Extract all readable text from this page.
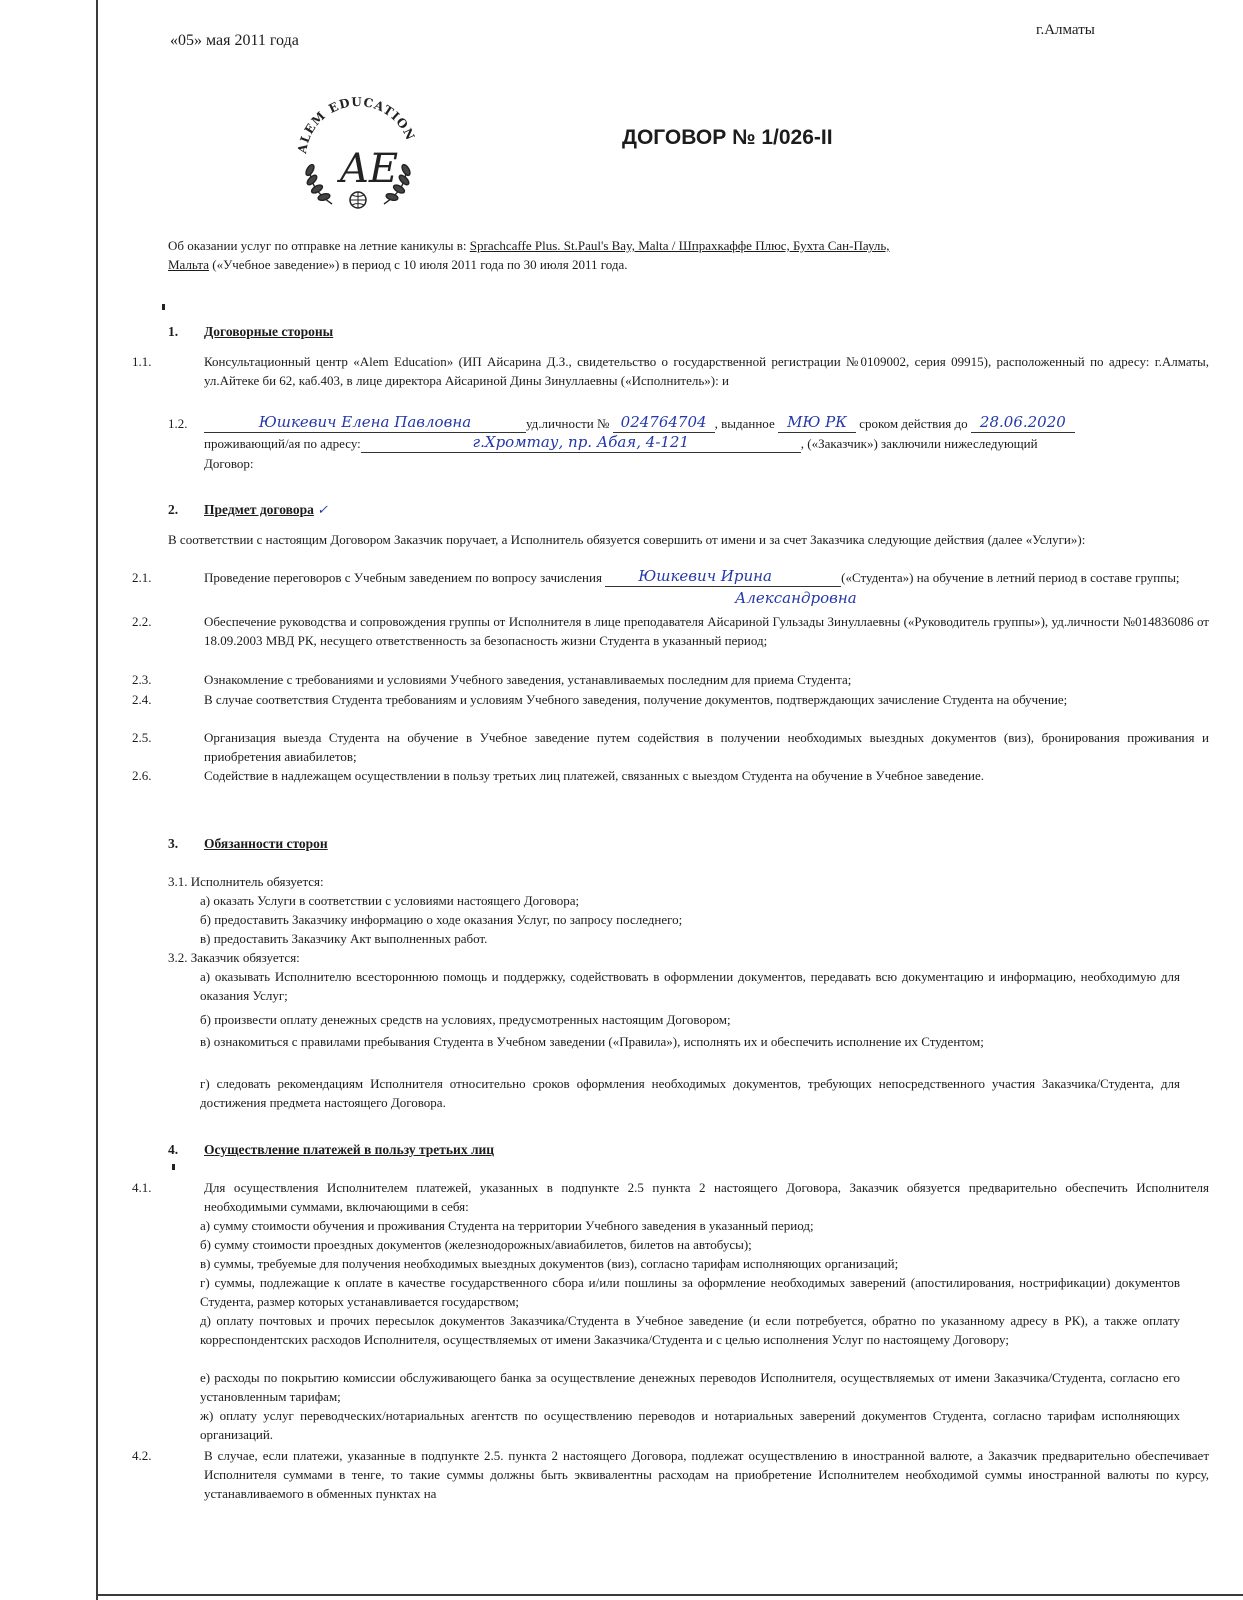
«05» мая 2011 года
г.Алматы
ALEM EDUCATION
AE
ДОГОВОР № 1/026-II
Об оказании услуг по отправке на летние каникулы в: Sprachcaffe Plus. St.Paul's Bay, Malta / Шпрахкаффе Плюс, Бухта Сан-Пауль,
Мальта («Учебное заведение») в период с 10 июля 2011 года по 30 июля 2011 года.
1. Договорные стороны
1.1.	Консультационный центр «Alem Education» (ИП Айсарина Д.З., свидетельство о государственной регистрации №0109002, серия 09915), расположенный по адресу: г.Алматы, ул.Айтеке би 62, каб.403, в лице директора Айсариной Дины Зинуллаевны («Исполнитель»): и
1.2.	Юшкевич Елена Павловна	уд.личности № 024764704 , выданное МЮ РК сроком действия до 28.06.2020
проживающий/ая по адресу:	г.Хромтау, пр. Абая, 4-121	, («Заказчик») заключили нижеследующий
Договор:
2. Предмет договора ✓
В соответствии с настоящим Договором Заказчик поручает, а Исполнитель обязуется совершить от имени и за счет Заказчика следующие действия (далее «Услуги»):
2.1.	Проведение переговоров с Учебным заведением по вопросу зачисления	Юшкевич Ирина	(«Студента») на обучение в летний период в составе группы;
Александровна
2.2.	Обеспечение руководства и сопровождения группы от Исполнителя в лице преподавателя Айсариной Гульзады Зинуллаевны («Руководитель группы»), уд.личности №014836086 от 18.09.2003 МВД РК, несущего ответственность за безопасность жизни Студента в указанный период;
2.3.	Ознакомление с требованиями и условиями Учебного заведения, устанавливаемых последним для приема Студента;
2.4.	В случае соответствия Студента требованиям и условиям Учебного заведения, получение документов, подтверждающих зачисление Студента на обучение;
2.5.	Организация выезда Студента на обучение в Учебное заведение путем содействия в получении необходимых выездных документов (виз), бронирования проживания и приобретения авиабилетов;
2.6.	Содействие в надлежащем осуществлении в пользу третьих лиц платежей, связанных с выездом Студента на обучение в Учебное заведение.
3. Обязанности сторон
3.1. Исполнитель обязуется:
а) оказать Услуги в соответствии с условиями настоящего Договора;
б) предоставить Заказчику информацию о ходе оказания Услуг, по запросу последнего;
в) предоставить Заказчику Акт выполненных работ.
3.2. Заказчик обязуется:
а) оказывать Исполнителю всестороннюю помощь и поддержку, содействовать в оформлении документов, передавать всю документацию и информацию, необходимую для оказания Услуг;
б) произвести оплату денежных средств на условиях, предусмотренных настоящим Договором;
в) ознакомиться с правилами пребывания Студента в Учебном заведении («Правила»), исполнять их и обеспечить исполнение их Студентом;
г) следовать рекомендациям Исполнителя относительно сроков оформления необходимых документов, требующих непосредственного участия Заказчика/Студента, для достижения предмета настоящего Договора.
4. Осуществление платежей в пользу третьих лиц
4.1.	Для осуществления Исполнителем платежей, указанных в подпункте 2.5 пункта 2 настоящего Договора, Заказчик обязуется предварительно обеспечить Исполнителя необходимыми суммами, включающими в себя:
а) сумму стоимости обучения и проживания Студента на территории Учебного заведения в указанный период;
б) сумму стоимости проездных документов (железнодорожных/авиабилетов, билетов на автобусы);
в) суммы, требуемые для получения необходимых выездных документов (виз), согласно тарифам исполняющих организаций;
г) суммы, подлежащие к оплате в качестве государственного сбора и/или пошлины за оформление необходимых заверений (апостилирования, нострификации) документов Студента, размер которых устанавливается государством;
д) оплату почтовых и прочих пересылок документов Заказчика/Студента в Учебное заведение (и если потребуется, обратно по указанному адресу в РК), а также оплату корреспондентских расходов Исполнителя, осуществляемых от имени Заказчика/Студента и с целью исполнения Услуг по настоящему Договору;
е) расходы по покрытию комиссии обслуживающего банка за осуществление денежных переводов Исполнителя, осуществляемых от имени Заказчика/Студента, согласно его установленным тарифам;
ж) оплату услуг переводческих/нотариальных агентств по осуществлению переводов и нотариальных заверений документов Студента, согласно тарифам исполняющих организаций.
4.2.	В случае, если платежи, указанные в подпункте 2.5. пункта 2 настоящего Договора, подлежат осуществлению в иностранной валюте, а Заказчик предварительно обеспечивает Исполнителя суммами в тенге, то такие суммы должны быть эквивалентны расходам на приобретение Исполнителем необходимой суммы иностранной валюты по курсу, устанавливаемого в обменных пунктах на
